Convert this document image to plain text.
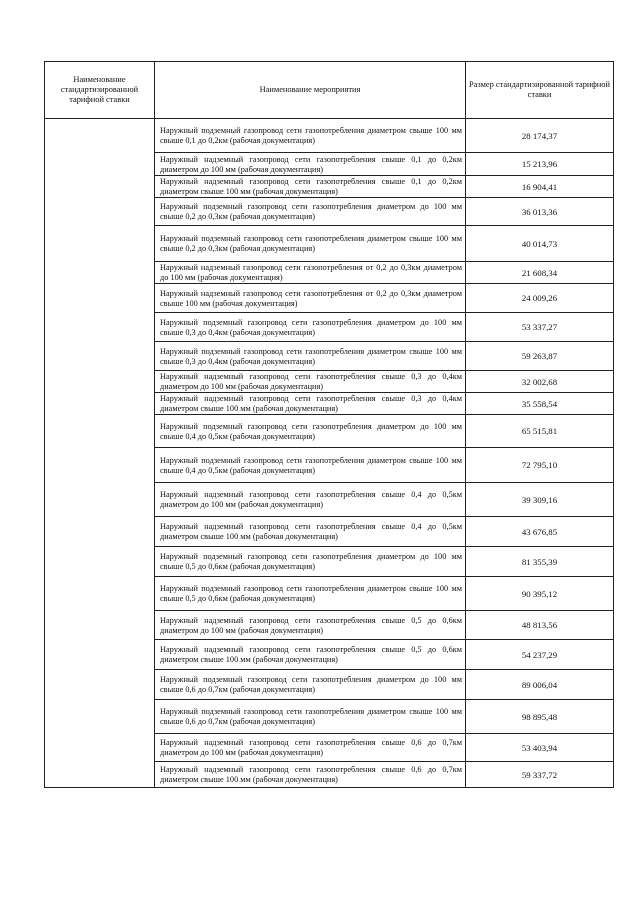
Наименование стандартизированной тарифной ставки	Наименование мероприятия	Размер стандартизированной тарифной ставки
	Наружный подземный газопровод сети газопотребления диаметром свыше 100 мм свыше 0,1 до 0,2км (рабочая документация)	28 174,37
	Наружный надземный газопровод сети газопотребления свыше 0,1 до 0,2км диаметром до 100 мм (рабочая документация)	15 213,96
	Наружный надземный газопровод сети газопотребления свыше 0,1 до 0,2км диаметром свыше 100 мм (рабочая документация)	16 904,41
	Наружный подземный газопровод сети газопотребления диаметром до 100 мм свыше 0,2 до 0,3км (рабочая документация)	36 013,36
	Наружный подземный газопровод сети газопотребления диаметром свыше 100 мм свыше 0,2 до 0,3км (рабочая документация)	40 014,73
	Наружный надземный газопровод сети газопотребления от 0,2 до 0,3км диаметром до 100 мм (рабочая документация)	21 608,34
	Наружный надземный газопровод сети газопотребления от 0,2 до 0,3км диаметром свыше 100 мм (рабочая документация)	24 009,26
	Наружный подземный газопровод сети газопотребления диаметром до 100 мм свыше 0,3 до 0,4км (рабочая документация)	53 337,27
	Наружный подземный газопровод сети газопотребления диаметром свыше 100 мм свыше 0,3 до 0,4км (рабочая документация)	59 263,87
	Наружный надземный газопровод сети газопотребления свыше 0,3 до 0,4км диаметром до 100 мм (рабочая документация)	32 002,68
	Наружный надземный газопровод сети газопотребления свыше 0,3 до 0,4км диаметром свыше 100 мм (рабочая документация)	35 558,54
	Наружный подземный газопровод сети газопотребления диаметром до 100 мм свыше 0,4 до 0,5км (рабочая документация)	65 515,81
	Наружный подземный газопровод сети газопотребления диаметром свыше 100 мм свыше 0,4 до 0,5км (рабочая документация)	72 795,10
	Наружный надземный газопровод сети газопотребления свыше 0,4 до 0,5км диаметром до 100 мм (рабочая документация)	39 309,16
	Наружный надземный газопровод сети газопотребления свыше 0,4 до 0,5км диаметром свыше 100 мм (рабочая документация)	43 676,85
	Наружный подземный газопровод сети газопотребления диаметром до 100 мм свыше 0,5 до 0,6км (рабочая документация)	81 355,39
	Наружный подземный газопровод сети газопотребления диаметром свыше 100 мм свыше 0,5 до 0,6км (рабочая документация)	90 395,12
	Наружный надземный газопровод сети газопотребления свыше 0,5 до 0,6км диаметром до 100 мм (рабочая документация)	48 813,56
	Наружный надземный газопровод сети газопотребления свыше 0,5 до 0,6км диаметром свыше 100 мм (рабочая документация)	54 237,29
	Наружный подземный газопровод сети газопотребления диаметром до 100 мм свыше 0,6 до 0,7км (рабочая документация)	89 006,04
	Наружный подземный газопровод сети газопотребления диаметром свыше 100 мм свыше 0,6 до 0,7км (рабочая документация)	98 895,48
	Наружный надземный газопровод сети газопотребления свыше 0,6 до 0,7км диаметром до 100 мм (рабочая документация)	53 403,94
	Наружный надземный газопровод сети газопотребления свыше 0,6 до 0,7км диаметром свыше 100 мм (рабочая документация)	59 337,72
